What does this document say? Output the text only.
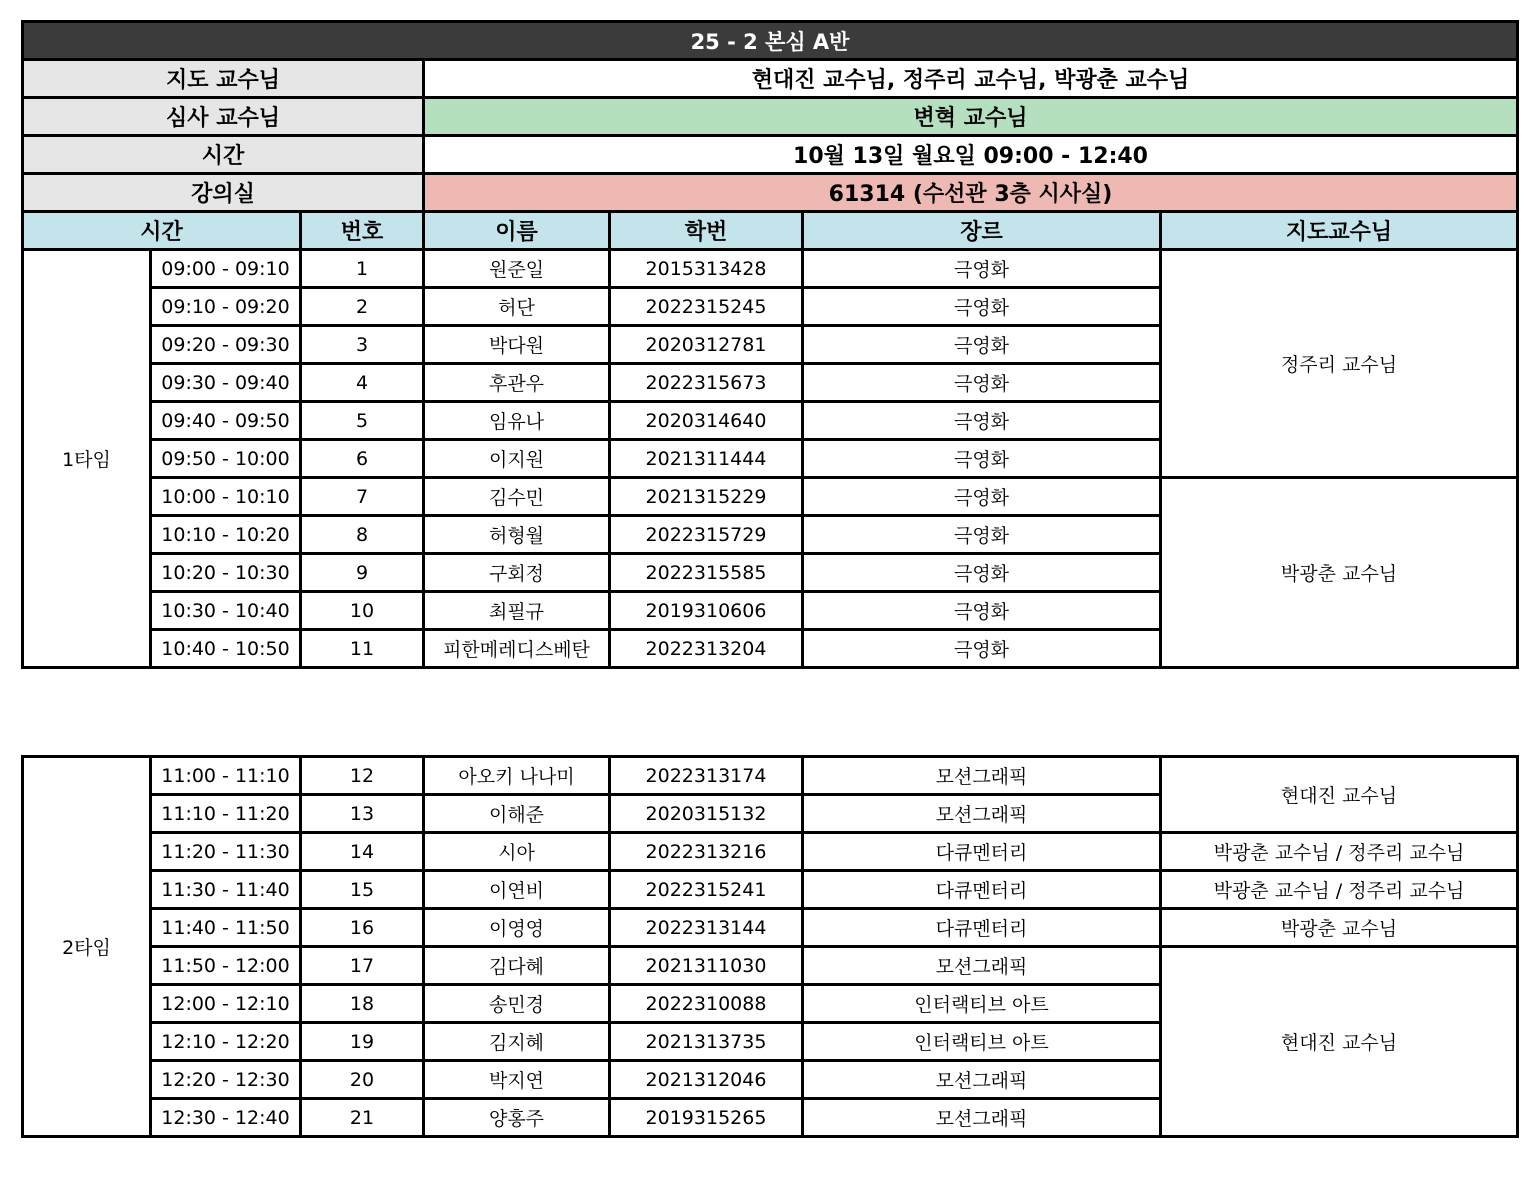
25 - 2 본심 A반						
지도 교수님			현대진 교수님, 정주리 교수님, 박광춘 교수님			
심사 교수님			변혁 교수님			
시간			10월 13일 월요일 09:00 - 12:40			
강의실			61314 (수선관 3층 시사실)			
시간		번호	이름	학번	장르	지도교수님
1타임	09:00 - 09:10	1	원준일	2015313428	극영화	정주리 교수님
	09:10 - 09:20	2	허단	2022315245	극영화	
	09:20 - 09:30	3	박다원	2020312781	극영화	
	09:30 - 09:40	4	후관우	2022315673	극영화	
	09:40 - 09:50	5	임유나	2020314640	극영화	
	09:50 - 10:00	6	이지원	2021311444	극영화	
	10:00 - 10:10	7	김수민	2021315229	극영화	박광춘 교수님
	10:10 - 10:20	8	허형월	2022315729	극영화	
	10:20 - 10:30	9	구회정	2022315585	극영화	
	10:30 - 10:40	10	최필규	2019310606	극영화	
	10:40 - 10:50	11	피한메레디스베탄	2022313204	극영화	
2타임	11:00 - 11:10	12	아오키 나나미	2022313174	모션그래픽	현대진 교수님
	11:10 - 11:20	13	이해준	2020315132	모션그래픽	
	11:20 - 11:30	14	시아	2022313216	다큐멘터리	박광춘 교수님 / 정주리 교수님
	11:30 - 11:40	15	이연비	2022315241	다큐멘터리	박광춘 교수님 / 정주리 교수님
	11:40 - 11:50	16	이영영	2022313144	다큐멘터리	박광춘 교수님
	11:50 - 12:00	17	김다혜	2021311030	모션그래픽	현대진 교수님
	12:00 - 12:10	18	송민경	2022310088	인터랙티브 아트	
	12:10 - 12:20	19	김지혜	2021313735	인터랙티브 아트	
	12:20 - 12:30	20	박지연	2021312046	모션그래픽	
	12:30 - 12:40	21	양홍주	2019315265	모션그래픽	
